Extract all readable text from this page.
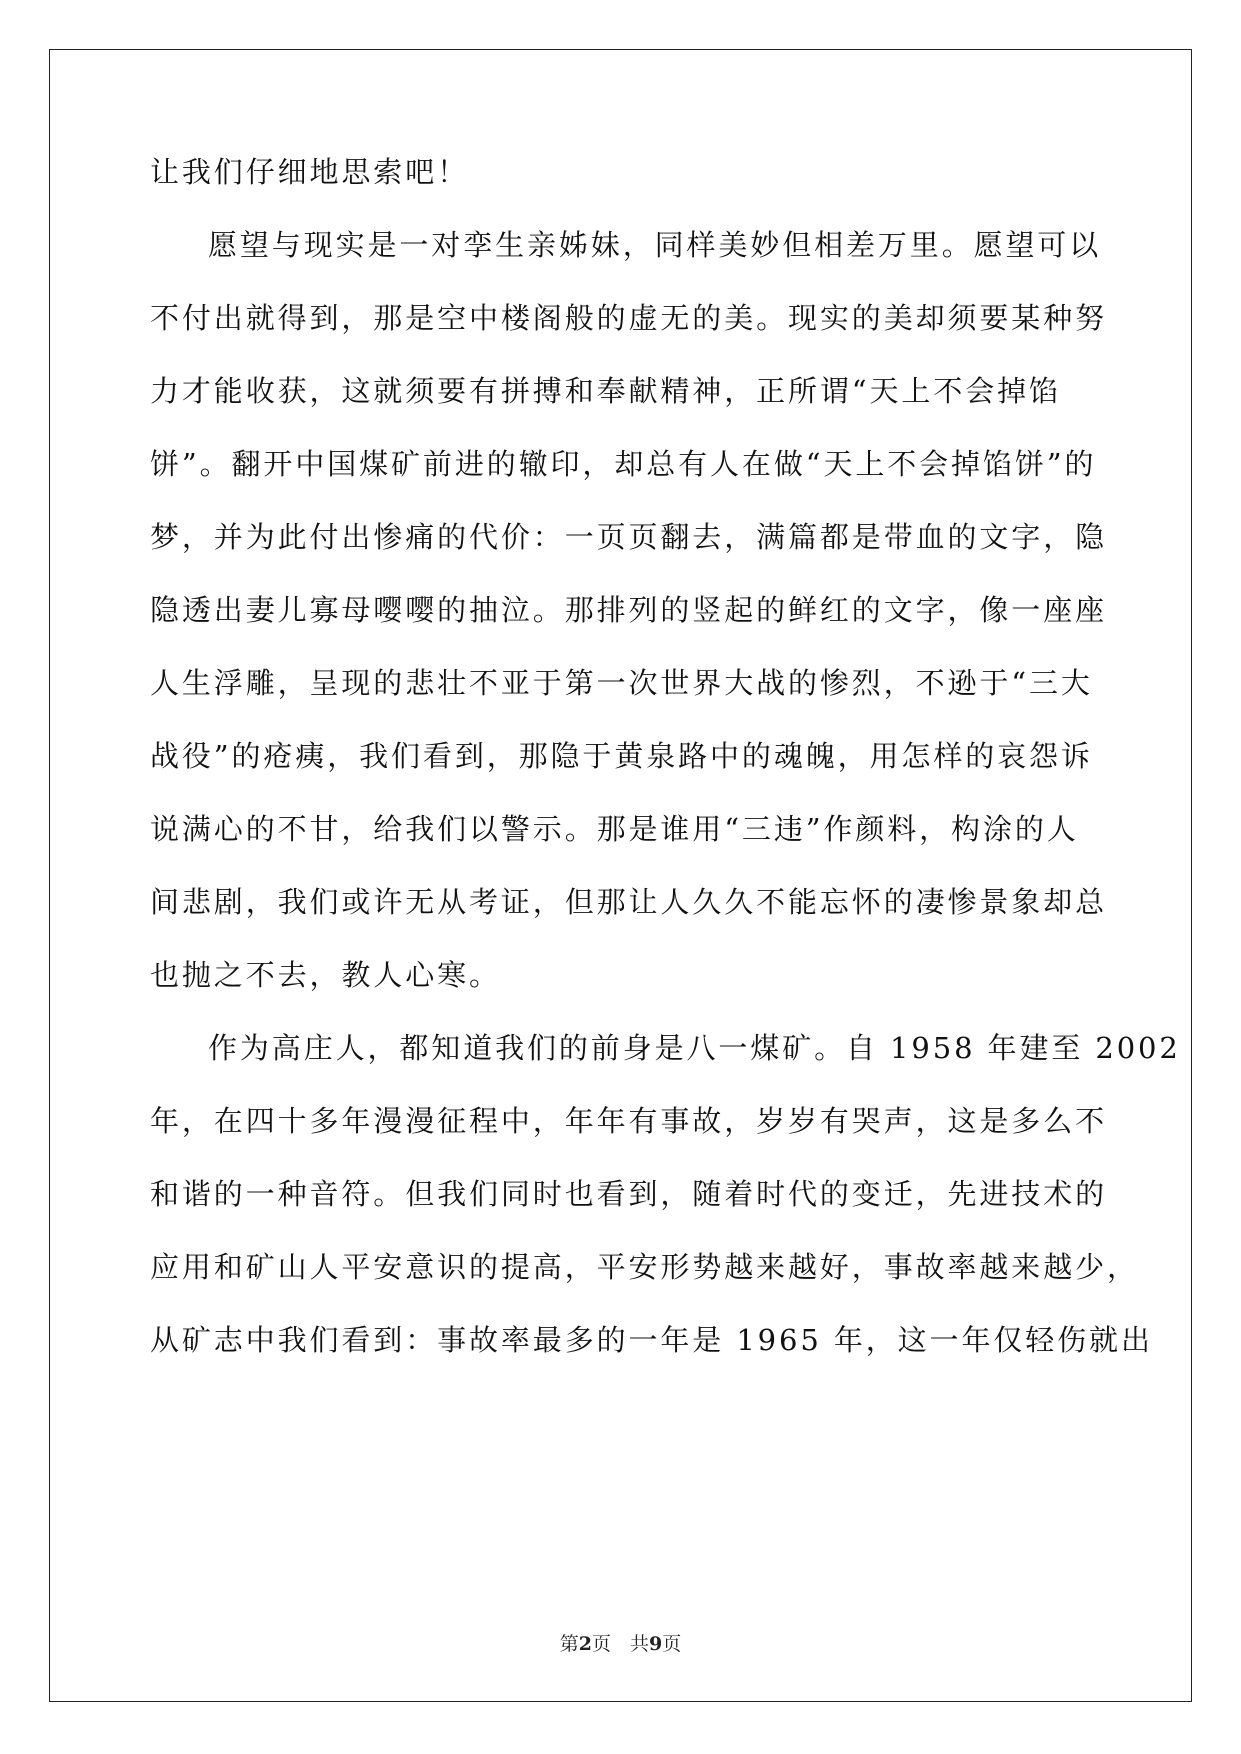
让我们仔细地思索吧！
愿望与现实是一对孪生亲姊妹，同样美妙但相差万里。愿望可以
不付出就得到，那是空中楼阁般的虚无的美。现实的美却须要某种努
力才能收获，这就须要有拼搏和奉献精神，正所谓“天上不会掉馅
饼”。翻开中国煤矿前进的辙印，却总有人在做“天上不会掉馅饼”的
梦，并为此付出惨痛的代价：一页页翻去，满篇都是带血的文字，隐
隐透出妻儿寡母嘤嘤的抽泣。那排列的竖起的鲜红的文字，像一座座
人生浮雕，呈现的悲壮不亚于第一次世界大战的惨烈，不逊于“三大
战役”的疮痍，我们看到，那隐于黄泉路中的魂魄，用怎样的哀怨诉
说满心的不甘，给我们以警示。那是谁用“三违”作颜料，构涂的人
间悲剧，我们或许无从考证，但那让人久久不能忘怀的凄惨景象却总
也抛之不去，教人心寒。
作为高庄人，都知道我们的前身是八一煤矿。自 1958 年建至 2002
年，在四十多年漫漫征程中，年年有事故，岁岁有哭声，这是多么不
和谐的一种音符。但我们同时也看到，随着时代的变迁，先进技术的
应用和矿山人平安意识的提高，平安形势越来越好，事故率越来越少，
从矿志中我们看到：事故率最多的一年是 1965 年，这一年仅轻伤就出
第2页　共9页
